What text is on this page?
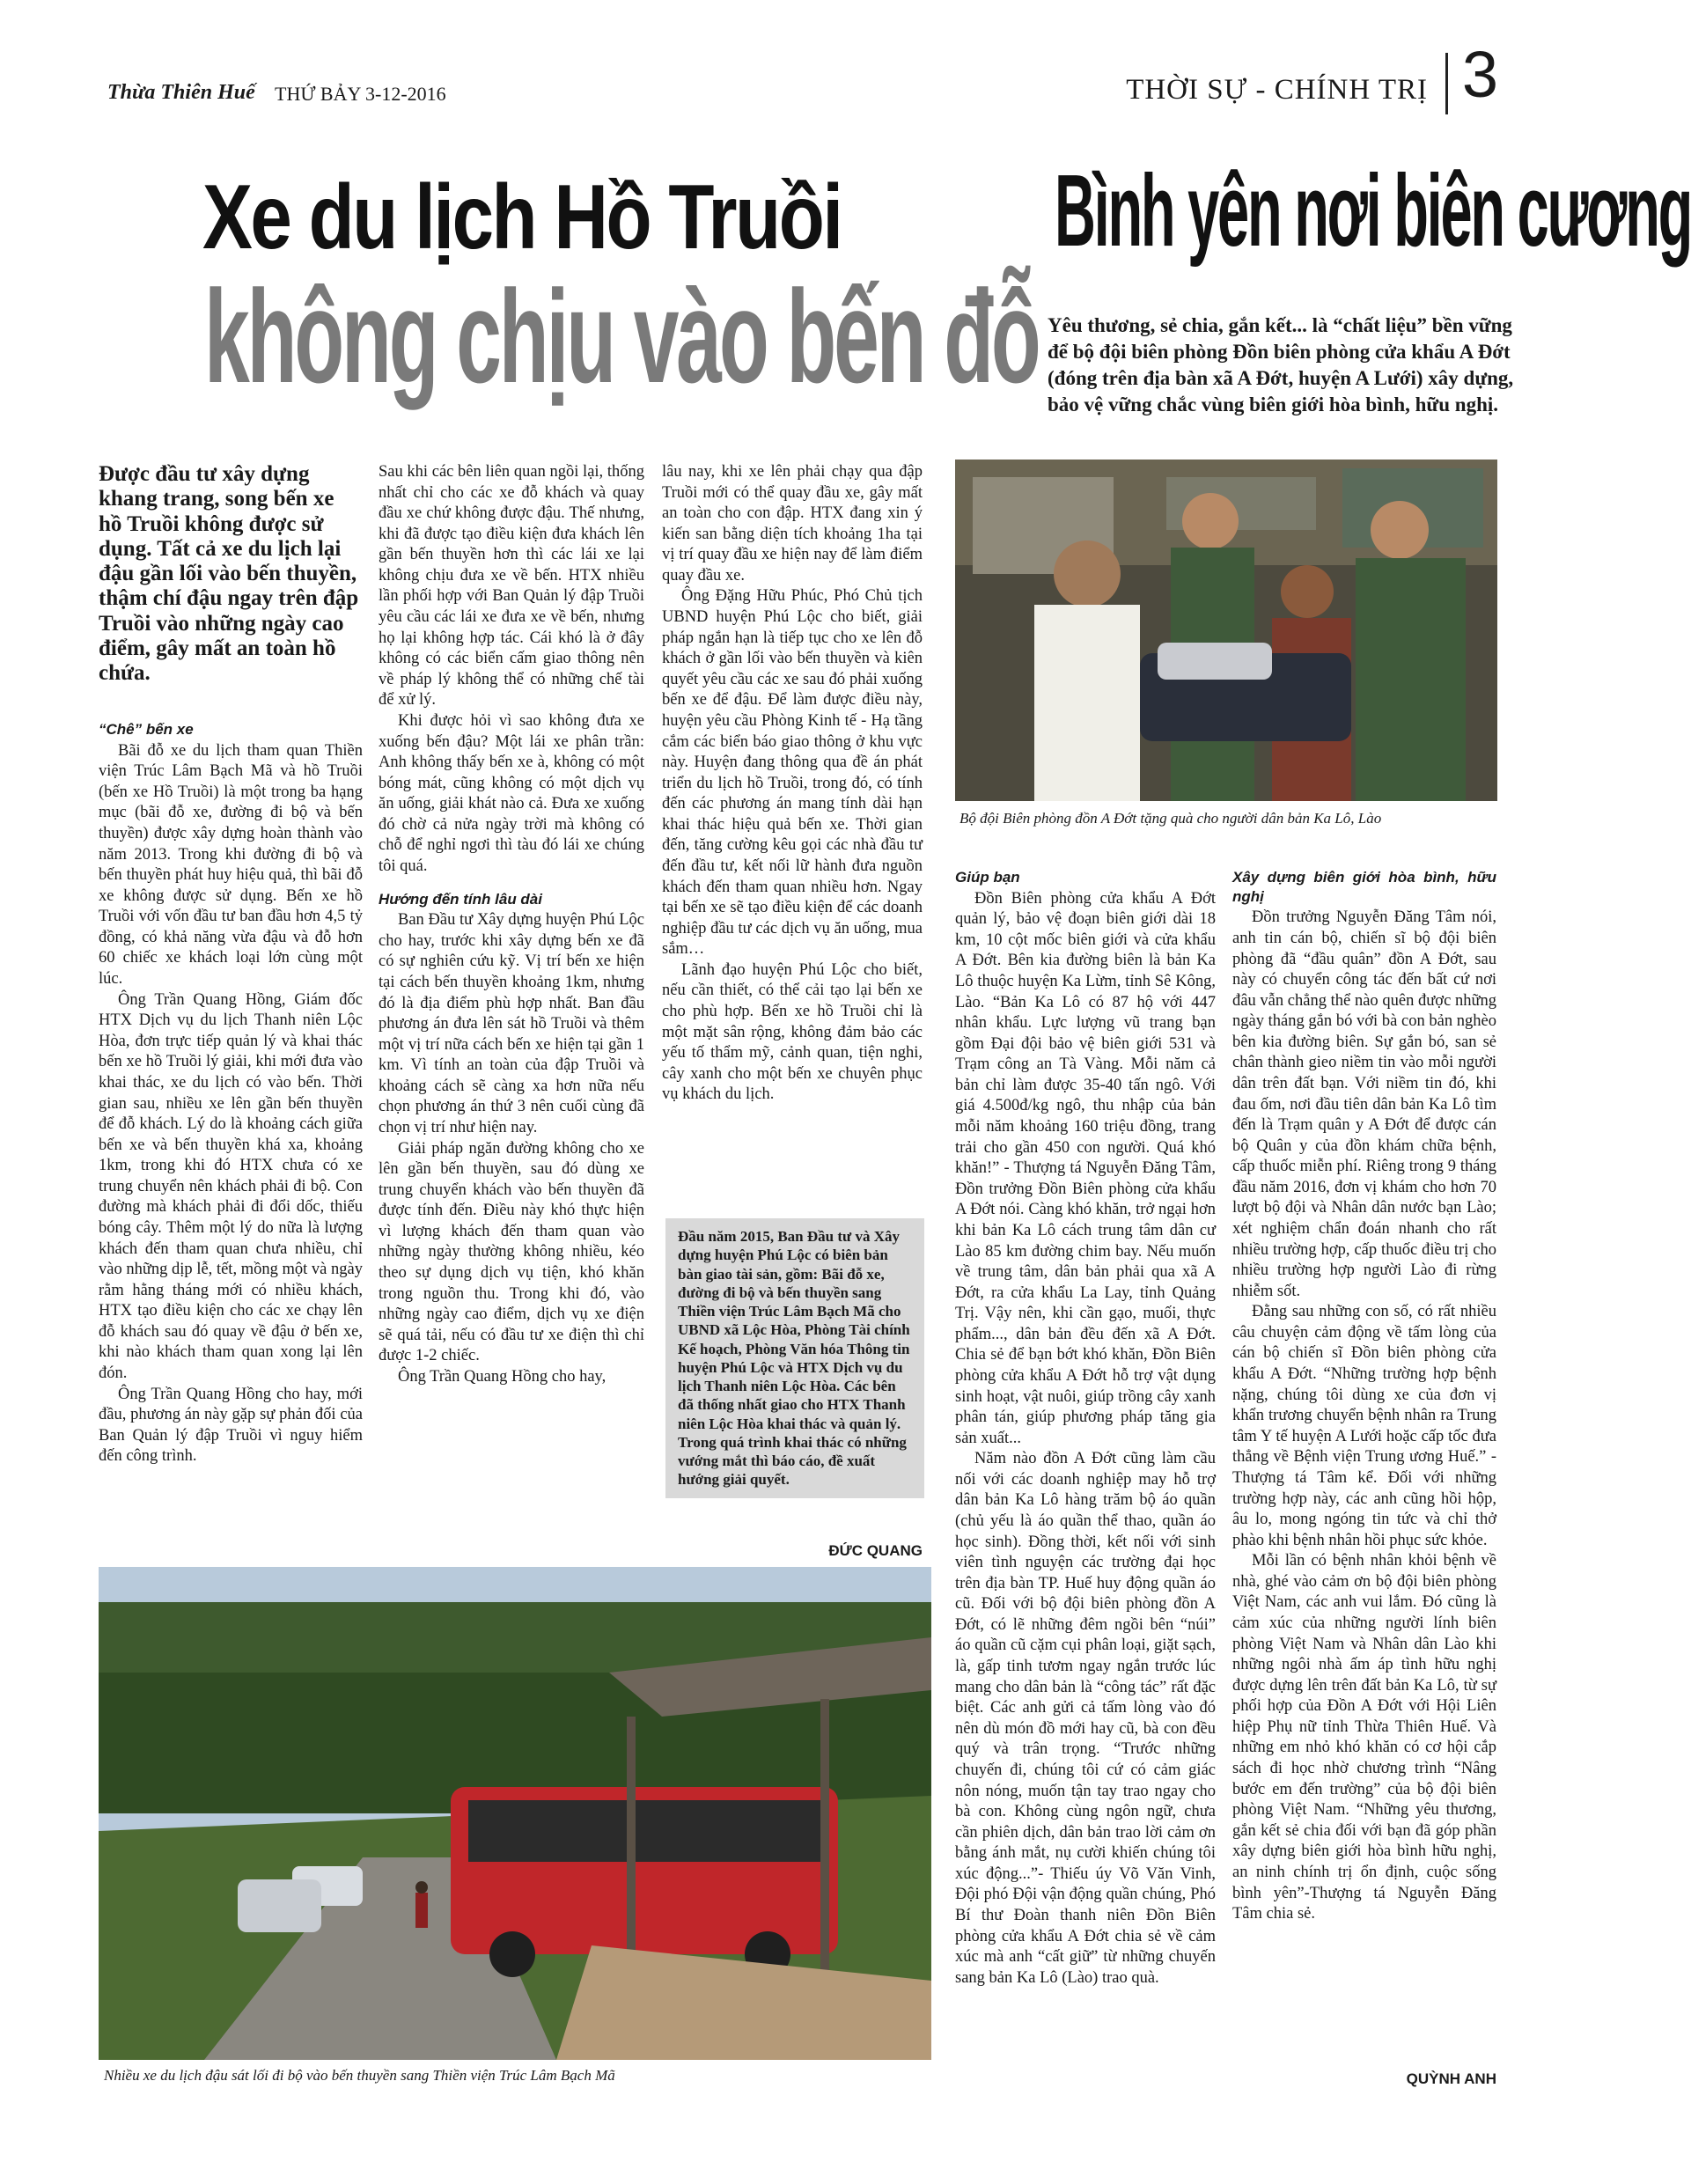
Thừa Thiên Huế THỨ BẢY 3-12-2016	THỜI SỰ - CHÍNH TRỊ 3
Xe du lịch Hồ Truồi
không chịu vào bến đỗ
Bình yên nơi biên cương
Yêu thương, sẻ chia, gắn kết... là “chất liệu” bền vững để bộ đội biên phòng Đồn biên phòng cửa khẩu A Đớt (đóng trên địa bàn xã A Đớt, huyện A Lưới) xây dựng, bảo vệ vững chắc vùng biên giới hòa bình, hữu nghị.
Được đầu tư xây dựng khang trang, song bến xe hồ Truồi không được sử dụng. Tất cả xe du lịch lại đậu gần lối vào bến thuyền, thậm chí đậu ngay trên đập Truồi vào những ngày cao điểm, gây mất an toàn hồ chứa.
“Chê” bến xe

Bãi đỗ xe du lịch tham quan Thiền viện Trúc Lâm Bạch Mã và hồ Truồi (bến xe Hồ Truồi) là một trong ba hạng mục (bãi đỗ xe, đường đi bộ và bến thuyền) được xây dựng hoàn thành vào năm 2013. Trong khi đường đi bộ và bến thuyền phát huy hiệu quả, thì bãi đỗ xe không được sử dụng. Bến xe hồ Truồi với vốn đầu tư ban đầu hơn 4,5 tỷ đồng, có khả năng vừa đậu và đỗ hơn 60 chiếc xe khách loại lớn cùng một lúc.

Ông Trần Quang Hồng, Giám đốc HTX Dịch vụ du lịch Thanh niên Lộc Hòa, đơn trực tiếp quản lý và khai thác bến xe hồ Truồi lý giải, khi mới đưa vào khai thác, xe du lịch có vào bến. Thời gian sau, nhiều xe lên gần bến thuyền để đỗ khách. Lý do là khoảng cách giữa bến xe và bến thuyền khá xa, khoảng 1km, trong khi đó HTX chưa có xe trung chuyển nên khách phải đi bộ. Con đường mà khách phải đi đổi dốc, thiếu bóng cây. Thêm một lý do nữa là lượng khách đến tham quan chưa nhiều, chỉ vào những dịp lễ, tết, mồng một và ngày rằm hằng tháng mới có nhiều khách, HTX tạo điều kiện cho các xe chạy lên đỗ khách sau đó quay về đậu ở bến xe, khi nào khách tham quan xong lại lên đón.

Ông Trần Quang Hồng cho hay, mới đầu, phương án này gặp sự phản đối của Ban Quản lý đập Truồi vì nguy hiểm đến công trình.

Sau khi các bên liên quan ngồi lại, thống nhất chỉ cho các xe đỗ khách và quay đầu xe chứ không được đậu. Thế nhưng, khi đã được tạo điều kiện đưa khách lên gần bến thuyền hơn thì các lái xe lại không chịu đưa xe về bến. HTX nhiều lần phối hợp với Ban Quản lý đập Truồi yêu cầu các lái xe đưa xe về bến, nhưng họ lại không hợp tác. Cái khó là ở đây không có các biển cấm giao thông nên về pháp lý không thể có những chế tài để xử lý.

Khi được hỏi vì sao không đưa xe xuống bến đậu? Một lái xe phân trần: Anh không thấy bến xe à, không có một bóng mát, cũng không có một dịch vụ ăn uống, giải khát nào cả. Đưa xe xuống đó chờ cả nửa ngày trời mà không có chỗ để nghỉ ngơi thì tàu đó lái xe chúng tôi quá.

Hướng đến tính lâu dài

Ban Đầu tư Xây dựng huyện Phú Lộc cho hay, trước khi xây dựng bến xe đã có sự nghiên cứu kỹ. Vị trí bến xe hiện tại cách bến thuyền khoảng 1km, nhưng đó là địa điểm phù hợp nhất. Ban đầu phương án đưa lên sát hồ Truồi và thêm một vị trí nữa cách bến xe hiện tại gần 1 km. Vì tính an toàn của đập Truồi và khoảng cách sẽ càng xa hơn nữa nếu chọn phương án thứ 3 nên cuối cùng đã chọn vị trí như hiện nay.

Giải pháp ngăn đường không cho xe lên gần bến thuyền, sau đó dùng xe trung chuyển khách vào bến thuyền đã được tính đến. Điều này khó thực hiện vì lượng khách đến tham quan vào những ngày thường không nhiều, kéo theo sự dụng dịch vụ tiện, khó khăn trong nguồn thu. Trong khi đó, vào những ngày cao điểm, dịch vụ xe điện sẽ quá tải, nếu có đầu tư xe điện thì chỉ được 1-2 chiếc.

Ông Trần Quang Hồng cho hay,

lâu nay, khi xe lên phải chạy qua đập Truồi mới có thể quay đầu xe, gây mất an toàn cho con đập. HTX đang xin ý kiến san bằng diện tích khoảng 1ha tại vị trí quay đầu xe hiện nay để làm điểm quay đầu xe.

Ông Đặng Hữu Phúc, Phó Chủ tịch UBND huyện Phú Lộc cho biết, giải pháp ngắn hạn là tiếp tục cho xe lên đỗ khách ở gần lối vào bến thuyền và kiên quyết yêu cầu các xe sau đó phải xuống bến xe để đậu. Để làm được điều này, huyện yêu cầu Phòng Kinh tế - Hạ tầng cắm các biển báo giao thông ở khu vực này. Huyện đang thông qua đề án phát triển du lịch hồ Truồi, trong đó, có tính đến các phương án mang tính dài hạn khai thác hiệu quả bến xe. Thời gian đến, tăng cường kêu gọi các nhà đầu tư đến đầu tư, kết nối lữ hành đưa nguồn khách đến tham quan nhiều hơn. Ngay tại bến xe sẽ tạo điều kiện để các doanh nghiệp đầu tư các dịch vụ ăn uống, mua sắm…

Lãnh đạo huyện Phú Lộc cho biết, nếu cần thiết, có thể cải tạo lại bến xe cho phù hợp. Bến xe hồ Truồi chỉ là một mặt sân rộng, không đảm bảo các yếu tố thẩm mỹ, cảnh quan, tiện nghi, cây xanh cho một bến xe chuyên phục vụ khách du lịch.

Đầu năm 2015, Ban Đầu tư và Xây dựng huyện Phú Lộc có biên bản bàn giao tài sản, gồm: Bãi đỗ xe, đường đi bộ và bến thuyền sang Thiền viện Trúc Lâm Bạch Mã cho UBND xã Lộc Hòa, Phòng Tài chính Kế hoạch, Phòng Văn hóa Thông tin huyện Phú Lộc và HTX Dịch vụ du lịch Thanh niên Lộc Hòa. Các bên đã thống nhất giao cho HTX Thanh niên Lộc Hòa khai thác và quản lý. Trong quá trình khai thác có những vướng mắt thì báo cáo, đề xuất hướng giải quyết.
ĐỨC QUANG
Bộ đội Biên phòng đồn A Đớt tặng quà cho người dân bản Ka Lô, Lào
Giúp bạn

Đồn Biên phòng cửa khẩu A Đớt quản lý, bảo vệ đoạn biên giới dài 18 km, 10 cột mốc biên giới và cửa khẩu A Đớt. Bên kia đường biên là bản Ka Lô thuộc huyện Ka Lừm, tỉnh Sê Kông, Lào. “Bản Ka Lô có 87 hộ với 447 nhân khẩu. Lực lượng vũ trang bạn gồm Đại đội bảo vệ biên giới 531 và Trạm công an Tà Vàng. Mỗi năm cả bản chỉ làm được 35-40 tấn ngô. Với giá 4.500đ/kg ngô, thu nhập của bản mỗi năm khoảng 160 triệu đồng, trang trải cho gần 450 con người. Quá khó khăn!” - Thượng tá Nguyễn Đăng Tâm, Đồn trưởng Đồn Biên phòng cửa khẩu A Đớt nói. Càng khó khăn, trở ngại hơn khi bản Ka Lô cách trung tâm dân cư Lào 85 km đường chim bay. Nếu muốn về trung tâm, dân bản phải qua xã A Đớt, ra cửa khẩu La Lay, tỉnh Quảng Trị. Vậy nên, khi cần gạo, muối, thực phẩm..., dân bản đều đến xã A Đớt. Chia sẻ để bạn bớt khó khăn, Đồn Biên phòng cửa khẩu A Đớt hỗ trợ vật dụng sinh hoạt, vật nuôi, giúp trồng cây xanh phân tán, giúp phương pháp tăng gia sản xuất...

Năm nào đồn A Đớt cũng làm cầu nối với các doanh nghiệp may hỗ trợ dân bản Ka Lô hàng trăm bộ áo quần (chủ yếu là áo quần thể thao, quần áo học sinh). Đồng thời, kết nối với sinh viên tình nguyện các trường đại học trên địa bàn TP. Huế huy động quần áo cũ. Đối với bộ đội biên phòng đồn A Đớt, có lẽ những đêm ngồi bên “núi” áo quần cũ cặm cụi phân loại, giặt sạch, là, gấp tinh tươm ngay ngắn trước lúc mang cho dân bản là “công tác” rất đặc biệt. Các anh gửi cả tấm lòng vào đó nên dù món đồ mới hay cũ, bà con đều quý và trân trọng. “Trước những chuyến đi, chúng tôi cứ có cảm giác nôn nóng, muốn tận tay trao ngay cho bà con. Không cùng ngôn ngữ, chưa cần phiên dịch, dân bản trao lời cảm ơn bằng ánh mắt, nụ cười khiến chúng tôi xúc động...”- Thiếu úy Võ Văn Vinh, Đội phó Đội vận động quần chúng, Phó Bí thư Đoàn thanh niên Đồn Biên phòng cửa khẩu A Đớt chia sẻ về cảm xúc mà anh “cất giữ” từ những chuyến sang bản Ka Lô (Lào) trao quà.

Xây dựng biên giới hòa bình, hữu nghị

Đồn trưởng Nguyễn Đăng Tâm nói, anh tin cán bộ, chiến sĩ bộ đội biên phòng đã “đầu quân” đồn A Đớt, sau này có chuyển công tác đến bất cứ nơi đâu vẫn chẳng thể nào quên được những ngày tháng gắn bó với bà con bản nghèo bên kia đường biên. Sự gắn bó, san sẻ chân thành gieo niềm tin vào mỗi người dân trên đất bạn. Với niềm tin đó, khi đau ốm, nơi đầu tiên dân bản Ka Lô tìm đến là Trạm quân y A Đớt để được cán bộ Quân y của đồn khám chữa bệnh, cấp thuốc miễn phí. Riêng trong 9 tháng đầu năm 2016, đơn vị khám cho hơn 70 lượt bộ đội và Nhân dân nước bạn Lào; xét nghiệm chẩn đoán nhanh cho rất nhiều trường hợp, cấp thuốc điều trị cho nhiều trường hợp người Lào đi rừng nhiễm sốt.

Đằng sau những con số, có rất nhiều câu chuyện cảm động về tấm lòng của cán bộ chiến sĩ Đồn biên phòng cửa khẩu A Đớt. “Những trường hợp bệnh nặng, chúng tôi dùng xe của đơn vị khẩn trương chuyển bệnh nhân ra Trung tâm Y tế huyện A Lưới hoặc cấp tốc đưa thẳng về Bệnh viện Trung ương Huế.” - Thượng tá Tâm kể. Đối với những trường hợp này, các anh cũng hồi hộp, âu lo, mong ngóng tin tức và chỉ thở phào khi bệnh nhân hồi phục sức khỏe.

Mỗi lần có bệnh nhân khỏi bệnh về nhà, ghé vào cảm ơn bộ đội biên phòng Việt Nam, các anh vui lắm. Đó cũng là cảm xúc của những người lính biên phòng Việt Nam và Nhân dân Lào khi những ngôi nhà ấm áp tình hữu nghị được dựng lên trên đất bản Ka Lô, từ sự phối hợp của Đồn A Đớt với Hội Liên hiệp Phụ nữ tỉnh Thừa Thiên Huế. Và những em nhỏ khó khăn có cơ hội cắp sách đi học nhờ chương trình “Nâng bước em đến trường” của bộ đội biên phòng Việt Nam. “Những yêu thương, gắn kết sẻ chia đối với bạn đã góp phần xây dựng biên giới hòa bình hữu nghị, an ninh chính trị ổn định, cuộc sống bình yên”-Thượng tá Nguyễn Đăng Tâm chia sẻ.

QUỲNH ANH
Nhiều xe du lịch đậu sát lối đi bộ vào bến thuyền sang Thiền viện Trúc Lâm Bạch Mã
